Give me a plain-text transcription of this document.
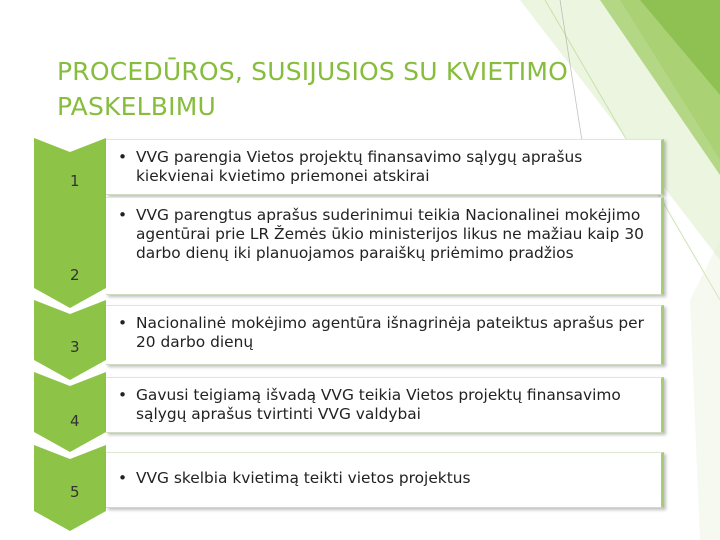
PROCEDŪROS, SUSIJUSIOS SU KVIETIMO PASKELBIMU
1
• VVG parengia Vietos projektų finansavimo sąlygų aprašus kiekvienai kvietimo priemonei atskirai
2
• VVG parengtus aprašus suderinimui teikia Nacionalinei mokėjimo agentūrai prie LR Žemės ūkio ministerijos likus ne mažiau kaip 30 darbo dienų iki planuojamos paraiškų priėmimo pradžios
3
• Nacionalinė mokėjimo agentūra išnagrinėja pateiktus aprašus per 20 darbo dienų
4
• Gavusi teigiamą išvadą VVG teikia Vietos projektų finansavimo sąlygų aprašus tvirtinti VVG valdybai
5
• VVG skelbia kvietimą teikti vietos projektus
